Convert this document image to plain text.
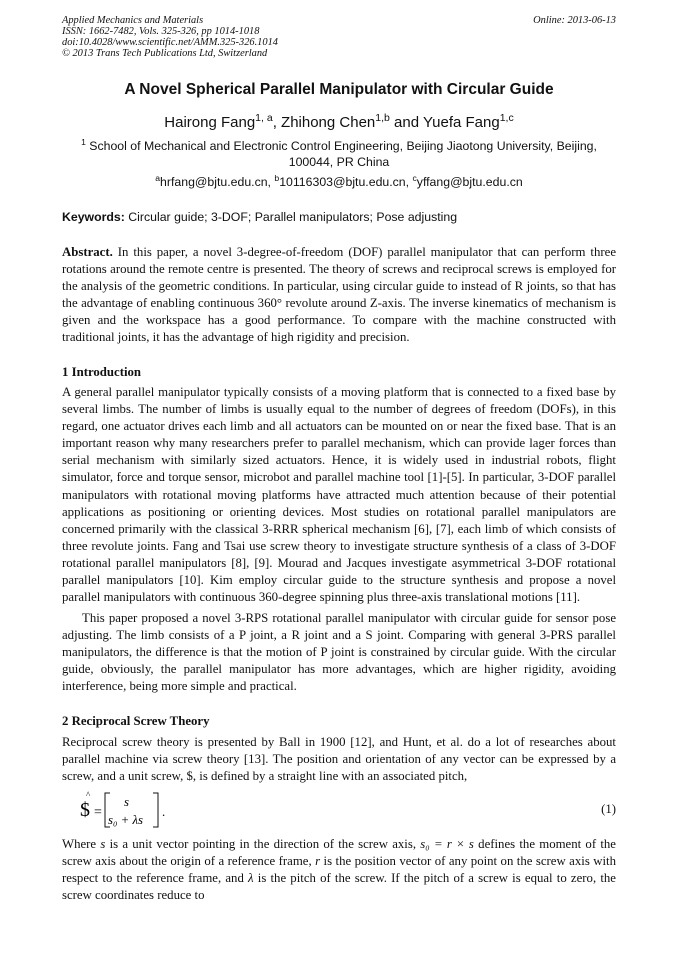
Applied Mechanics and Materials
ISSN: 1662-7482, Vols. 325-326, pp 1014-1018
doi:10.4028/www.scientific.net/AMM.325-326.1014
© 2013 Trans Tech Publications Ltd, Switzerland
Online: 2013-06-13
A Novel Spherical Parallel Manipulator with Circular Guide
Hairong Fang$^{1, a}$, Zhihong Chen$^{1,b}$ and Yuefa Fang$^{1,c}$
$^1$ School of Mechanical and Electronic Control Engineering, Beijing Jiaotong University, Beijing, 100044, PR China
$^a$hrfang@bjtu.edu.cn, $^b$10116303@bjtu.edu.cn, $^c$yffang@bjtu.edu.cn
Keywords: Circular guide; 3-DOF; Parallel manipulators; Pose adjusting
Abstract. In this paper, a novel 3-degree-of-freedom (DOF) parallel manipulator that can perform three rotations around the remote centre is presented. The theory of screws and reciprocal screws is employed for the analysis of the geometric conditions. In particular, using circular guide to instead of R joints, so that has the advantage of enabling continuous 360° revolute around Z-axis. The inverse kinematics of mechanism is given and the workspace has a good performance. To compare with the machine constructed with traditional joints, it has the advantage of high rigidity and precision.
1 Introduction
A general parallel manipulator typically consists of a moving platform that is connected to a fixed base by several limbs. The number of limbs is usually equal to the number of degrees of freedom (DOFs), in this regard, one actuator drives each limb and all actuators can be mounted on or near the fixed base. That is an important reason why many researchers prefer to parallel mechanism, which can provide lager forces than serial mechanism with similarly sized actuators. Hence, it is widely used in industrial robots, flight simulator, force and torque sensor, microbot and parallel machine tool [1]-[5]. In particular, 3-DOF parallel manipulators with rotational moving platforms have attracted much attention because of their potential applications as positioning or orienting devices. Most studies on rotational parallel manipulators are concerned primarily with the classical 3-RRR spherical mechanism [6], [7], each limb of which consists of three revolute joints. Fang and Tsai use screw theory to investigate structure synthesis of a class of 3-DOF rotational parallel manipulators [8], [9]. Mourad and Jacques investigate asymmetrical 3-DOF rotational parallel manipulators [10]. Kim employ circular guide to the structure synthesis and propose a novel parallel manipulators with continuous 360-degree spinning plus three-axis translational motions [11].
This paper proposed a novel 3-RPS rotational parallel manipulator with circular guide for sensor pose adjusting. The limb consists of a P joint, a R joint and a S joint. Comparing with general 3-PRS parallel manipulators, the difference is that the motion of P joint is constrained by circular guide. With the circular guide, obviously, the parallel manipulator has more advantages, which are higher rigidity, avoiding interference, being more simple and practical.
2 Reciprocal Screw Theory
Reciprocal screw theory is presented by Ball in 1900 [12], and Hunt, et al. do a lot of researches about parallel machine via screw theory [13]. The position and orientation of any vector can be expressed by a screw, and a unit screw, $, is defined by a straight line with an associated pitch,
$
^
=
s
s₀ + λs
.	(1)
Where s is a unit vector pointing in the direction of the screw axis, s₀ = r × s defines the moment of the screw axis about the origin of a reference frame, r is the position vector of any point on the screw axis with respect to the reference frame, and λ is the pitch of the screw. If the pitch of a screw is equal to zero, the screw coordinates reduce to
